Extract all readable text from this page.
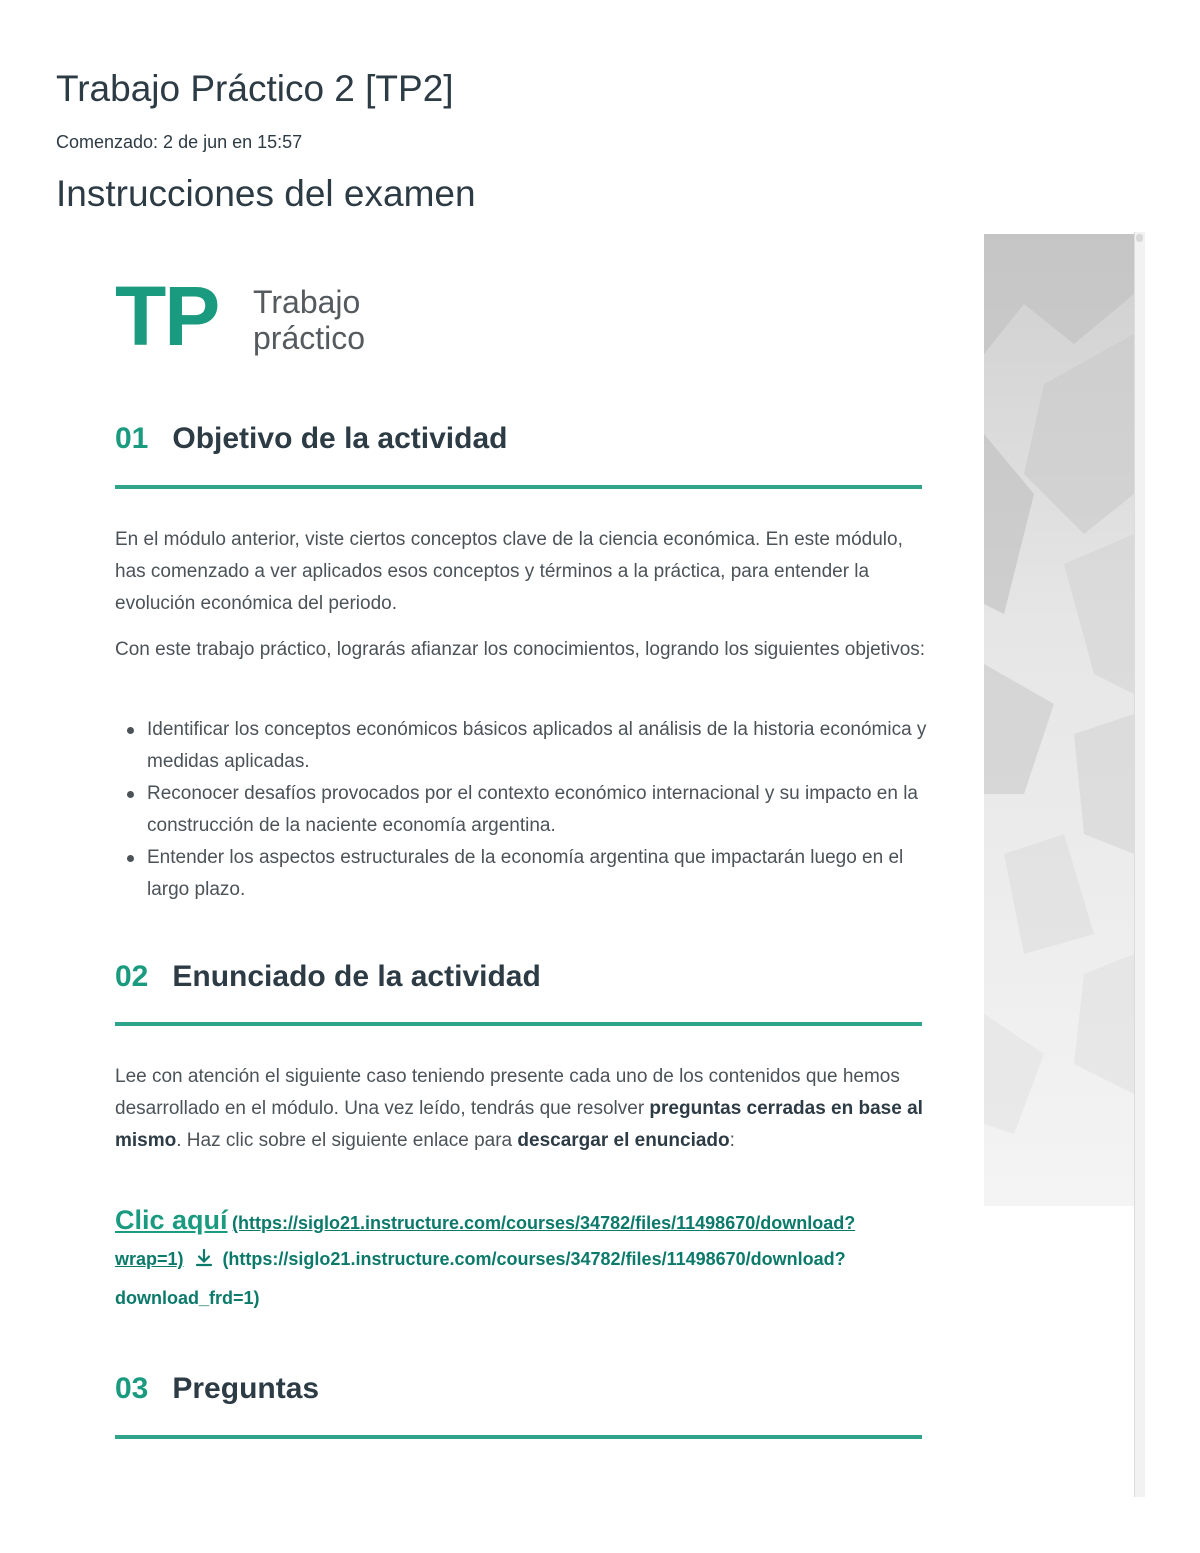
Trabajo Práctico 2 [TP2]
Comenzado: 2 de jun en 15:57
Instrucciones del examen
TP Trabajo
práctico
01 Objetivo de la actividad

En el módulo anterior, viste ciertos conceptos clave de la ciencia económica. En este módulo, has comenzado a ver aplicados esos conceptos y términos a la práctica, para entender la evolución económica del periodo.

Con este trabajo práctico, lograrás afianzar los conocimientos, logrando los siguientes objetivos:

Identificar los conceptos económicos básicos aplicados al análisis de la historia económica y medidas aplicadas.
Reconocer desafíos provocados por el contexto económico internacional y su impacto en la construcción de la naciente economía argentina.
Entender los aspectos estructurales de la economía argentina que impactarán luego en el largo plazo.
02 Enunciado de la actividad

Lee con atención el siguiente caso teniendo presente cada uno de los contenidos que hemos desarrollado en el módulo. Una vez leído, tendrás que resolver preguntas cerradas en base al mismo. Haz clic sobre el siguiente enlace para descargar el enunciado:

Clic aquí (https://siglo21.instructure.com/courses/34782/files/11498670/download?wrap=1) (https://siglo21.instructure.com/courses/34782/files/11498670/download?download_frd=1)
03 Preguntas
